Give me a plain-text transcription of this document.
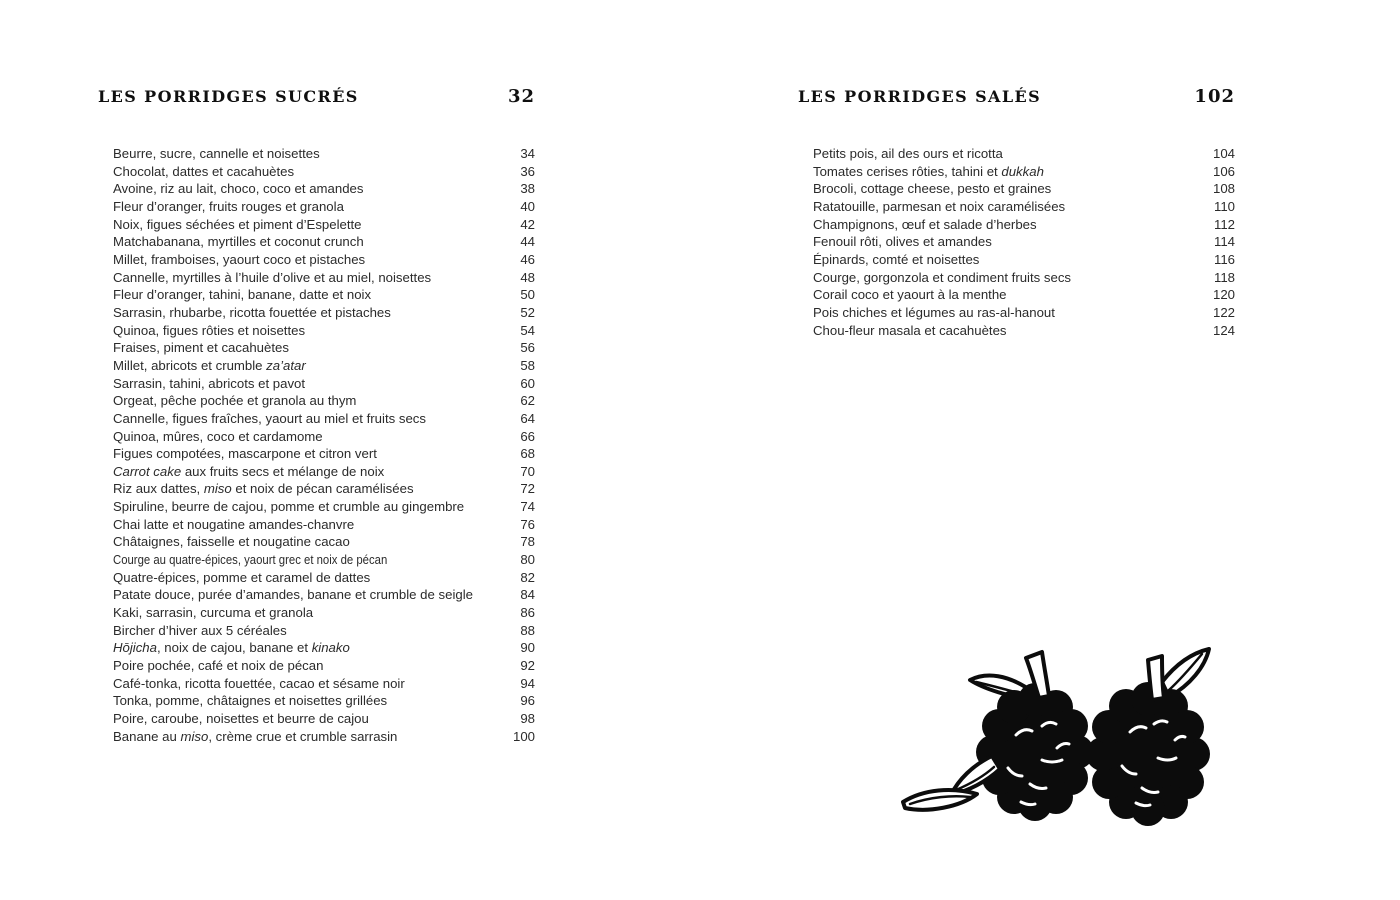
LES PORRIDGES SUCRÉS	32
Beurre, sucre, cannelle et noisettes	34
Chocolat, dattes et cacahuètes	36
Avoine, riz au lait, choco, coco et amandes	38
Fleur d’oranger, fruits rouges et granola	40
Noix, figues séchées et piment d’Espelette	42
Matchabanana, myrtilles et coconut crunch	44
Millet, framboises, yaourt coco et pistaches	46
Cannelle, myrtilles à l’huile d’olive et au miel, noisettes	48
Fleur d’oranger, tahini, banane, datte et noix	50
Sarrasin, rhubarbe, ricotta fouettée et pistaches	52
Quinoa, figues rôties et noisettes	54
Fraises, piment et cacahuètes	56
Millet, abricots et crumble za’atar	58
Sarrasin, tahini, abricots et pavot	60
Orgeat, pêche pochée et granola au thym	62
Cannelle, figues fraîches, yaourt au miel et fruits secs	64
Quinoa, mûres, coco et cardamome	66
Figues compotées, mascarpone et citron vert	68
Carrot cake aux fruits secs et mélange de noix	70
Riz aux dattes, miso et noix de pécan caramélisées	72
Spiruline, beurre de cajou, pomme et crumble au gingembre	74
Chai latte et nougatine amandes-chanvre	76
Châtaignes, faisselle et nougatine cacao	78
Courge au quatre-épices, yaourt grec et noix de pécan	80
Quatre-épices, pomme et caramel de dattes	82
Patate douce, purée d’amandes, banane et crumble de seigle	84
Kaki, sarrasin, curcuma et granola	86
Bircher d’hiver aux 5 céréales	88
Hōjicha, noix de cajou, banane et kinako	90
Poire pochée, café et noix de pécan	92
Café-tonka, ricotta fouettée, cacao et sésame noir	94
Tonka, pomme, châtaignes et noisettes grillées	96
Poire, caroube, noisettes et beurre de cajou	98
Banane au miso, crème crue et crumble sarrasin	100
LES PORRIDGES SALÉS	102
Petits pois, ail des ours et ricotta	104
Tomates cerises rôties, tahini et dukkah	106
Brocoli, cottage cheese, pesto et graines	108
Ratatouille, parmesan et noix caramélisées	110
Champignons, œuf et salade d’herbes	112
Fenouil rôti, olives et amandes	114
Épinards, comté et noisettes	116
Courge, gorgonzola et condiment fruits secs	118
Corail coco et yaourt à la menthe	120
Pois chiches et légumes au ras-al-hanout	122
Chou-fleur masala et cacahuètes	124
